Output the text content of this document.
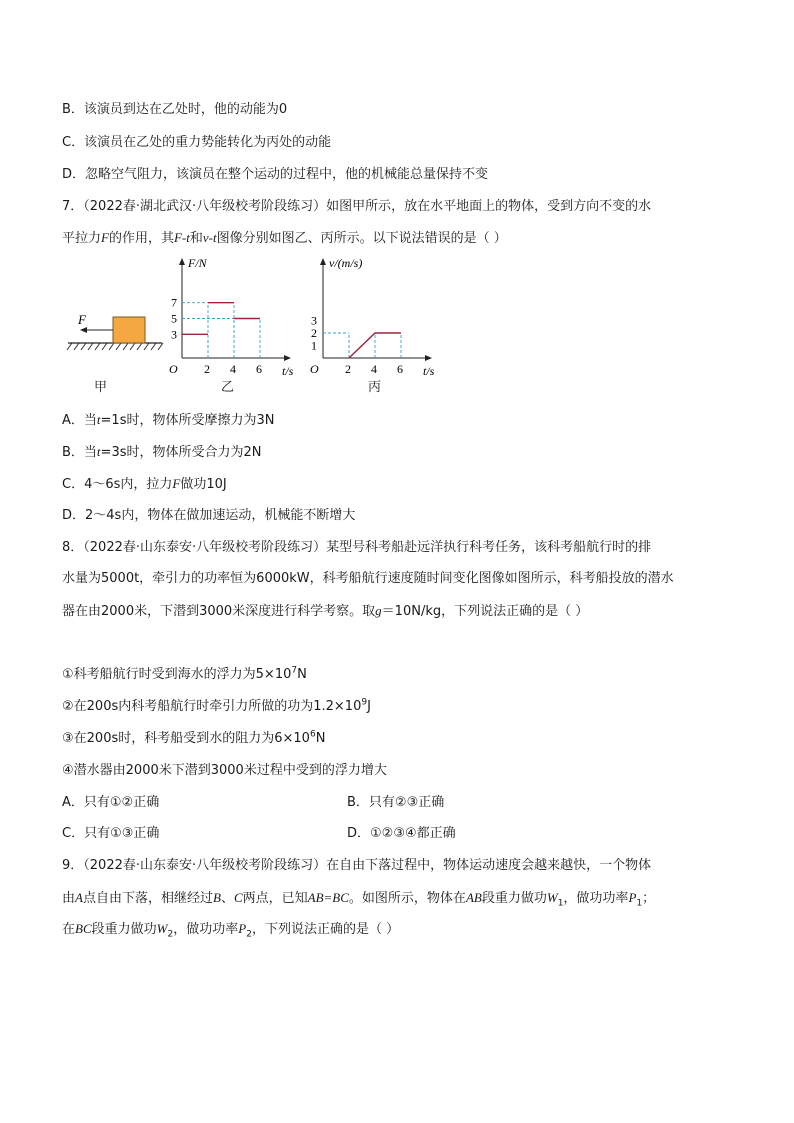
B．该演员到达在乙处时，他的动能为0
C．该演员在乙处的重力势能转化为丙处的动能
D．忽略空气阻力，该演员在整个运动的过程中，他的机械能总量保持不变
7．（2022春·湖北武汉·八年级校考阶段练习）如图甲所示，放在水平地面上的物体，受到方向不变的水
平拉力F的作用，其F-t和v-t图像分别如图乙、丙所示。以下说法错误的是（ ）
F
甲
O
F/N
t/s
2 4 6
3
5
7
乙
O
v/(m/s)
t/s
2 4 6
1
2
3
丙
A．当t=1s时，物体所受摩擦力为3N
B．当t=3s时，物体所受合力为2N
C．4～6s内，拉力F做功10J
D．2～4s内，物体在做加速运动，机械能不断增大
8．（2022春·山东泰安·八年级校考阶段练习）某型号科考船赴远洋执行科考任务，该科考船航行时的排
水量为5000t，牵引力的功率恒为6000kW，科考船航行速度随时间变化图像如图所示，科考船投放的潜水
器在由2000米，下潜到3000米深度进行科学考察。取g＝10N/kg，下列说法正确的是（ ）
①科考船航行时受到海水的浮力为$5\times 10^7N$
②在200s内科考船航行时牵引力所做的功为$1.2\times 10^9J$
③在200s时，科考船受到水的阻力为$6\times 10^6N$
④潜水器由2000米下潜到3000米过程中受到的浮力增大
A．只有①②正确	B．只有②③正确
C．只有①③正确	D．①②③④都正确
9．（2022春·山东泰安·八年级校考阶段练习）在自由下落过程中，物体运动速度会越来越快，一个物体
由A点自由下落，相继经过B、C两点，已知AB=BC。如图所示，物体在AB段重力做功$W_1$，做功功率$P_1$；
在BC段重力做功$W_2$，做功功率$P_2$，下列说法正确的是（ ）
